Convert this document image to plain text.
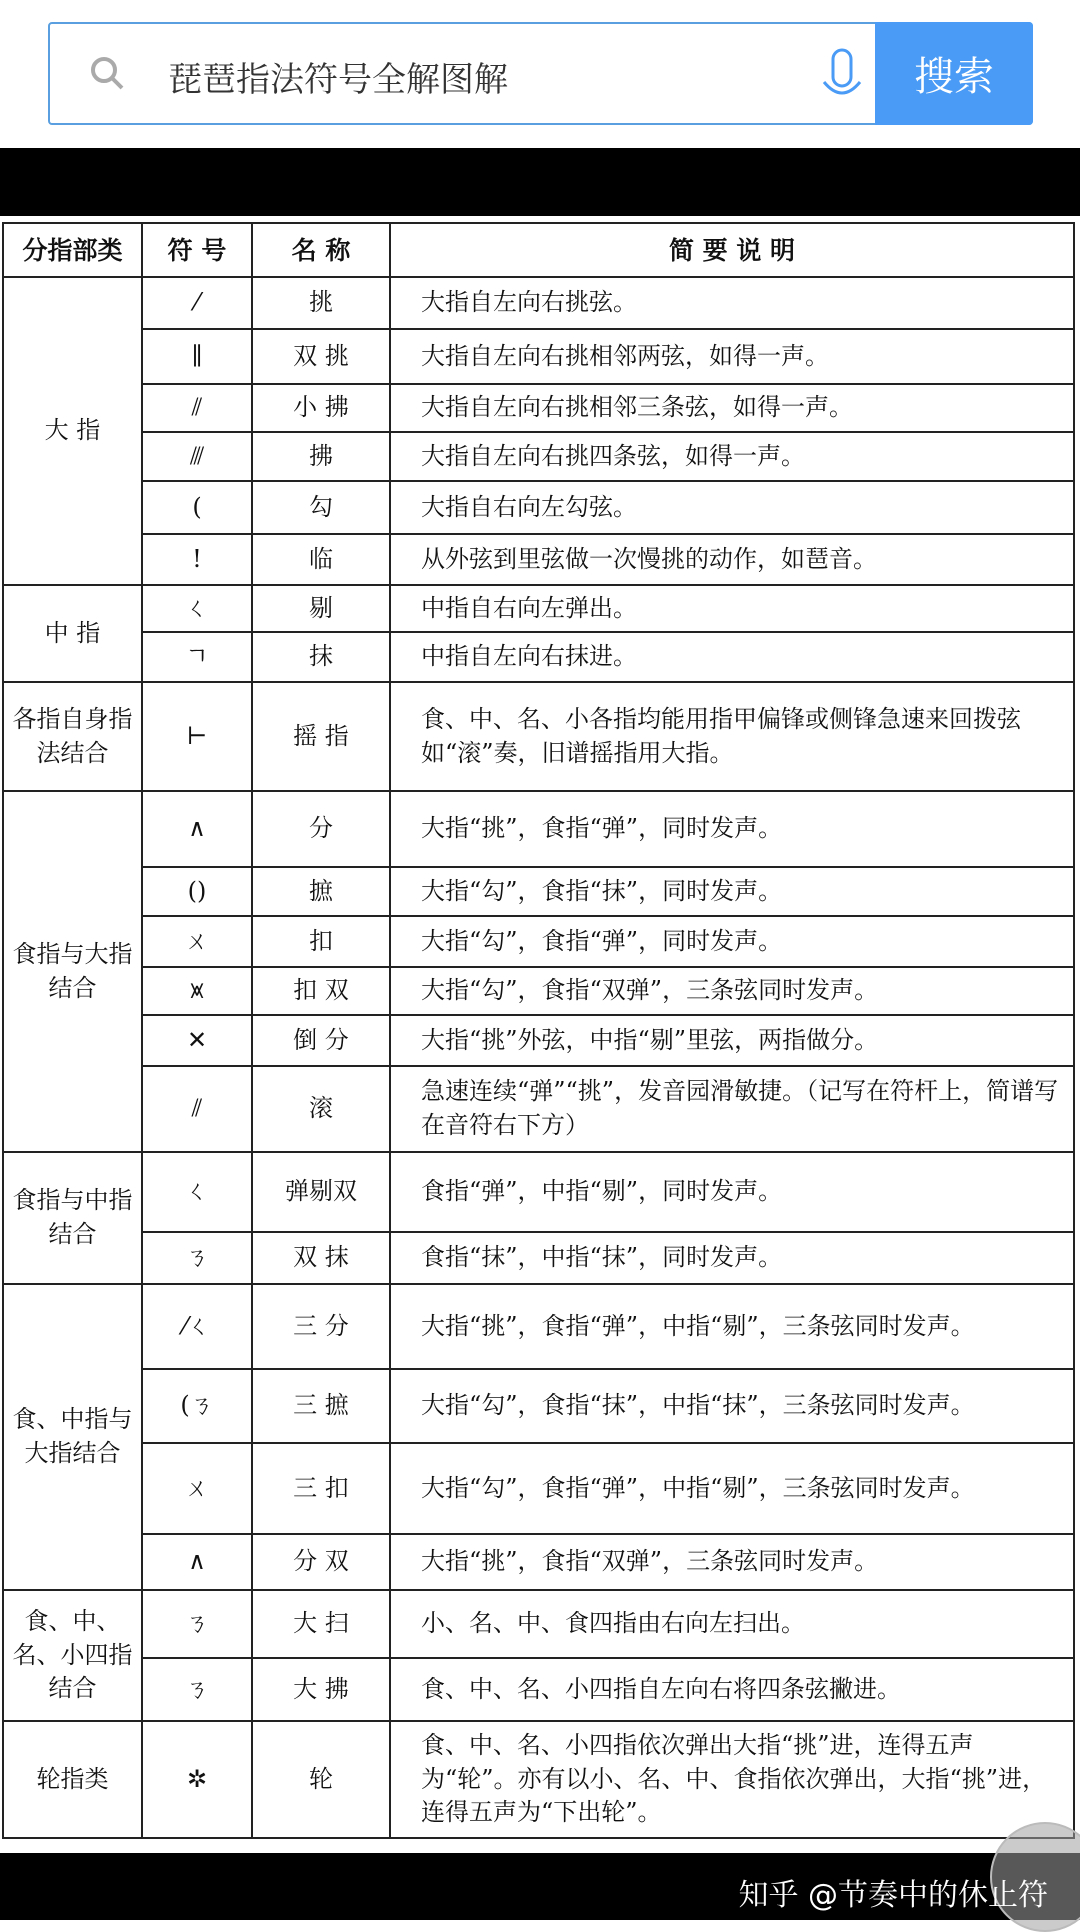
琵琶指法符号全解图解	搜索
分指部类	符 号	名 称	简 要 说 明
大 指	⁄	挑	大指自左向右挑弦。
	∥	双 挑	大指自左向右挑相邻两弦，如得一声。
	⫽	小 拂	大指自左向右挑相邻三条弦，如得一声。
	⫻	拂	大指自左向右挑四条弦，如得一声。
	(	勾	大指自右向左勾弦。
	!	临	从外弦到里弦做一次慢挑的动作，如琶音。
中 指	ㄑ	剔	中指自右向左弹出。
	ㄱ	抹	中指自左向右抹进。
各指自身指法结合	⊢	摇 指	食、中、名、小各指均能用指甲偏锋或侧锋急速来回拨弦如“滚”奏，旧谱摇指用大指。
食指与大指结合	∧	分	大指“挑”，食指“弹”，同时发声。
	()	摭	大指“勾”，食指“抹”，同时发声。
	ㄨ	扣	大指“勾”，食指“弹”，同时发声。
	⩙	扣 双	大指“勾”，食指“双弹”，三条弦同时发声。
	✕	倒 分	大指“挑”外弦，中指“剔”里弦，两指做分。
	⫽	滚	急速连续“弹”“挑”，发音园滑敏捷。（记写在符杆上，简谱写在音符右下方）
食指与中指结合	ㄑ	弹剔双	食指“弹”，中指“剔”，同时发声。
	ㄋ	双 抹	食指“抹”，中指“抹”，同时发声。
食、中指与大指结合	⁄ㄑ	三 分	大指“挑”，食指“弹”，中指“剔”，三条弦同时发声。
	(ㄋ	三 摭	大指“勾”，食指“抹”，中指“抹”，三条弦同时发声。
	ㄨ	三 扣	大指“勾”，食指“弹”，中指“剔”，三条弦同时发声。
	∧	分 双	大指“挑”，食指“双弹”，三条弦同时发声。
食、中、名、小四指结合	ㄋ	大 扫	小、名、中、食四指由右向左扫出。
	ㄋ	大 拂	食、中、名、小四指自左向右将四条弦撇进。
轮指类	✲	轮	食、中、名、小四指依次弹出大指“挑”进，连得五声为“轮”。亦有以小、名、中、食指依次弹出，大指“挑”进，连得五声为“下出轮”。
知乎 @节奏中的休止符
